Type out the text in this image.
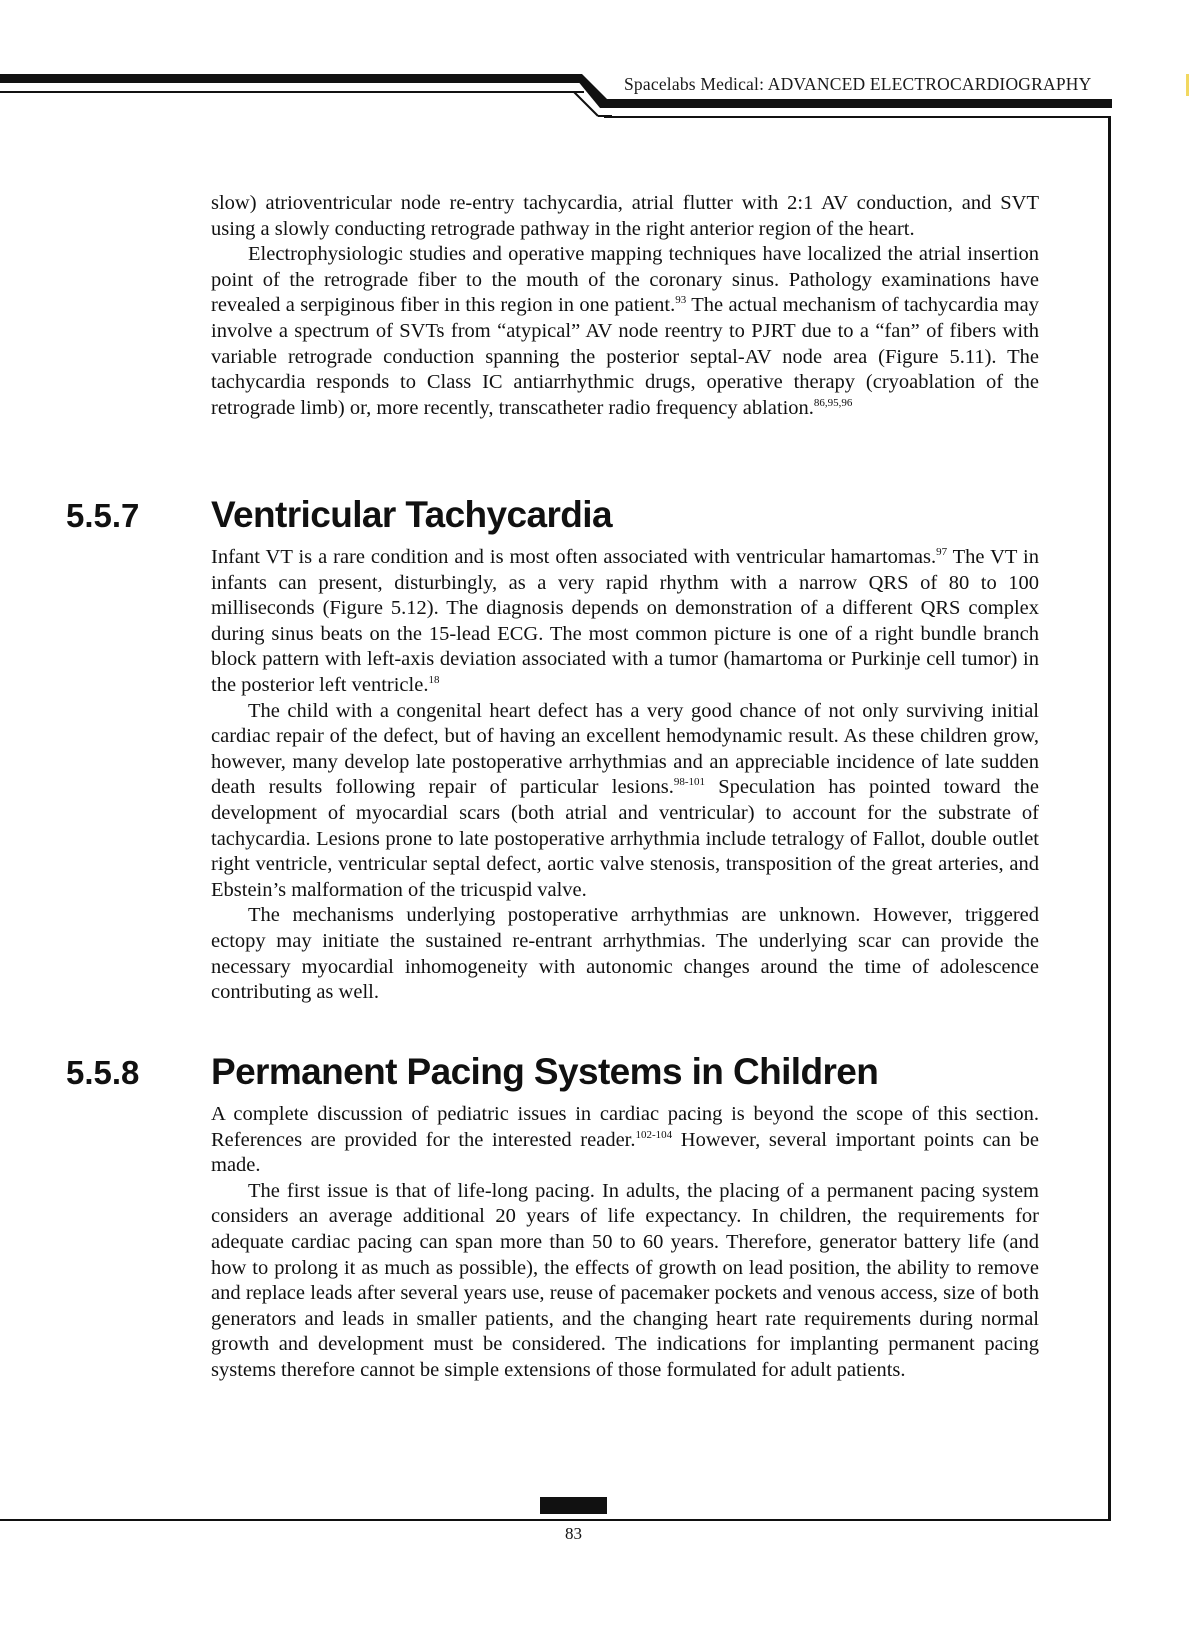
Spacelabs Medical: ADVANCED ELECTROCARDIOGRAPHY

slow) atrioventricular node re-entry tachycardia, atrial flutter with 2:1 AV conduction, and SVT using a slowly conducting retrograde pathway in the right anterior region of the heart.

Electrophysiologic studies and operative mapping techniques have localized the atrial insertion point of the retrograde fiber to the mouth of the coronary sinus. Pathology examinations have revealed a serpiginous fiber in this region in one patient.$^{93}$ The actual mechanism of tachycardia may involve a spectrum of SVTs from “atypical” AV node reentry to PJRT due to a “fan” of fibers with variable retrograde conduction spanning the posterior septal-AV node area (Figure 5.11). The tachycardia responds to Class IC antiarrhythmic drugs, operative therapy (cryoablation of the retrograde limb) or, more recently, transcatheter radio frequency ablation.$^{86,95,96}$

5.5.7 Ventricular Tachycardia

Infant VT is a rare condition and is most often associated with ventricular hamartomas.$^{97}$ The VT in infants can present, disturbingly, as a very rapid rhythm with a narrow QRS of 80 to 100 milliseconds (Figure 5.12). The diagnosis depends on demonstration of a different QRS complex during sinus beats on the 15-lead ECG. The most common picture is one of a right bundle branch block pattern with left-axis deviation associated with a tumor (hamartoma or Purkinje cell tumor) in the posterior left ventricle.$^{18}$

The child with a congenital heart defect has a very good chance of not only surviving initial cardiac repair of the defect, but of having an excellent hemodynamic result. As these children grow, however, many develop late postoperative arrhythmias and an appreciable incidence of late sudden death results following repair of particular lesions.$^{98-101}$ Speculation has pointed toward the development of myocardial scars (both atrial and ventricular) to account for the substrate of tachycardia. Lesions prone to late postoperative arrhythmia include tetralogy of Fallot, double outlet right ventricle, ventricular septal defect, aortic valve stenosis, transposition of the great arteries, and Ebstein’s malformation of the tricuspid valve.

The mechanisms underlying postoperative arrhythmias are unknown. However, triggered ectopy may initiate the sustained re-entrant arrhythmias. The underlying scar can provide the necessary myocardial inhomogeneity with autonomic changes around the time of adolescence contributing as well.

5.5.8 Permanent Pacing Systems in Children

A complete discussion of pediatric issues in cardiac pacing is beyond the scope of this section. References are provided for the interested reader.$^{102-104}$ However, several important points can be made.

The first issue is that of life-long pacing. In adults, the placing of a permanent pacing system considers an average additional 20 years of life expectancy. In children, the requirements for adequate cardiac pacing can span more than 50 to 60 years. Therefore, generator battery life (and how to prolong it as much as possible), the effects of growth on lead position, the ability to remove and replace leads after several years use, reuse of pacemaker pockets and venous access, size of both generators and leads in smaller patients, and the changing heart rate requirements during normal growth and development must be considered. The indications for implanting permanent pacing systems therefore cannot be simple extensions of those formulated for adult patients.

83
